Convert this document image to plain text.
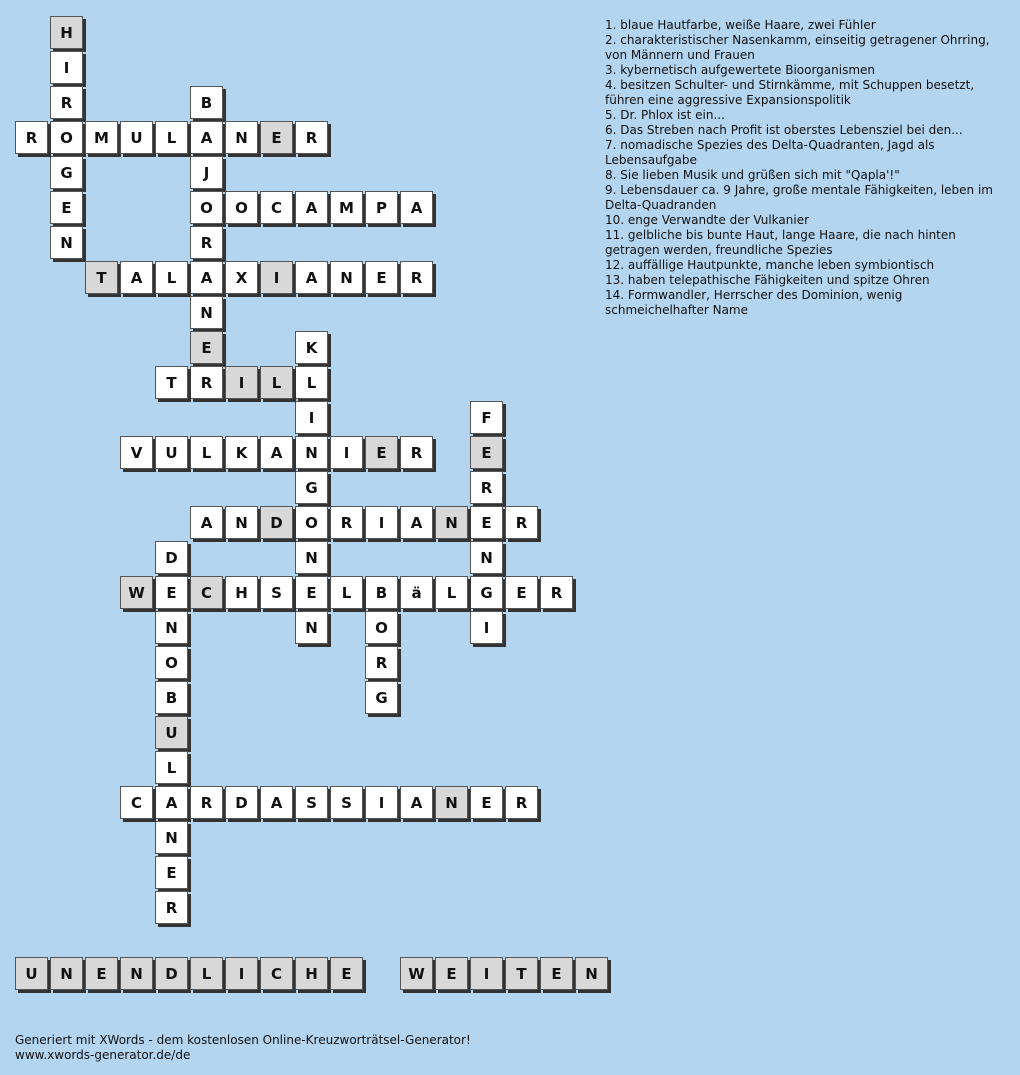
H
I
R
O
G
E
N
B
A
J
O
R
A
N
E
R
K
L
I
N
G
O
N
E
N
F
E
R
E
N
G
I
D
E
N
O
B
U
L
A
N
E
R
B
O
R
G
R	M	U	L	N	E	R
O	C	A	M	P	A
T	A	L	X	I	A	N	E	R
T	I	L
V	U	L	K	A	I	E	R
A	N	D	R	I	A	N	R
W	C	H	S	L	ä	L	E	R
C	R	D	A	S	S	I	A	N	E	R
U	N	E	N	D	L	I	C	H	E	W	E	I	T	E	N
1. blaue Hautfarbe, weiße Haare, zwei Fühler
2. charakteristischer Nasenkamm, einseitig getragener Ohrring, von Männern und Frauen
3. kybernetisch aufgewertete Bioorganismen
4. besitzen Schulter- und Stirnkämme, mit Schuppen besetzt, führen eine aggressive Expansionspolitik
5. Dr. Phlox ist ein...
6. Das Streben nach Profit ist oberstes Lebensziel bei den...
7. nomadische Spezies des Delta-Quadranten, Jagd als Lebensaufgabe
8. Sie lieben Musik und grüßen sich mit "Qapla'!"
9. Lebensdauer ca. 9 Jahre, große mentale Fähigkeiten, leben im Delta-Quadranden
10. enge Verwandte der Vulkanier
11. gelbliche bis bunte Haut, lange Haare, die nach hinten getragen werden, freundliche Spezies
12. auffällige Hautpunkte, manche leben symbiontisch
13. haben telepathische Fähigkeiten und spitze Ohren
14. Formwandler, Herrscher des Dominion, wenig schmeichelhafter Name
Generiert mit XWords - dem kostenlosen Online-Kreuzworträtsel-Generator!
www.xwords-generator.de/de
